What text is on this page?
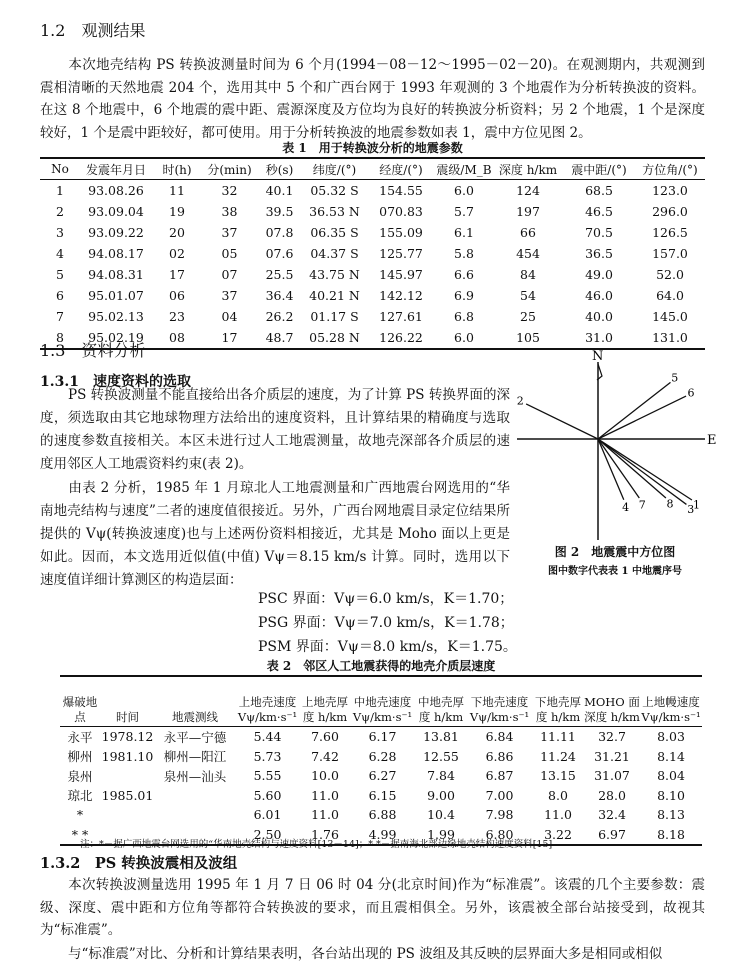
1.2　观测结果
本次地壳结构 PS 转换波测量时间为 6 个月(1994－08－12～1995－02－20)。在观测期内，共观测到震相清晰的天然地震 204 个，选用其中 5 个和广西台网于 1993 年观测的 3 个地震作为分析转换波的资料。在这 8 个地震中，6 个地震的震中距、震源深度及方位均为良好的转换波分析资料；另 2 个地震，1 个是深度较好，1 个是震中距较好，都可使用。用于分析转换波的地震参数如表 1，震中方位见图 2。
表 1　用于转换波分析的地震参数
No	发震年月日	时(h)	分(min)	秒(s)	纬度/(°)	经度/(°)	震级/M_B	深度 h/km	震中距/(°)	方位角/(°)
1	93.08.26	11	32	40.1	05.32 S	154.55	6.0	124	68.5	123.0
2	93.09.04	19	38	39.5	36.53 N	070.83	5.7	197	46.5	296.0
3	93.09.22	20	37	07.8	06.35 S	155.09	6.1	66	70.5	126.5
4	94.08.17	02	05	07.6	04.37 S	125.77	5.8	454	36.5	157.0
5	94.08.31	17	07	25.5	43.75 N	145.97	6.6	84	49.0	52.0
6	95.01.07	06	37	36.4	40.21 N	142.12	6.9	54	46.0	64.0
7	95.02.13	23	04	26.2	01.17 S	127.61	6.8	25	40.0	145.0
8	95.02.19	08	17	48.7	05.28 N	126.22	6.0	105	31.0	131.0
1.3　资料分析
1.3.1　速度资料的选取
PS 转换波测量不能直接给出各介质层的速度，为了计算 PS 转换界面的深度，须选取由其它地球物理方法给出的速度资料，且计算结果的精确度与选取的速度参数直接相关。本区未进行过人工地震测量，故地壳深部各介质层的速度用邻区人工地震资料约束(表 2)。
由表 2 分析，1985 年 1 月琼北人工地震测量和广西地震台网选用的“华南地壳结构与速度”二者的速度值很接近。另外，广西台网地震目录定位结果所提供的 Vψ(转换波速度)也与上述两份资料相接近，尤其是 Moho 面以上更是如此。因而，本文选用近似值(中值) Vψ＝8.15 km/s 计算。同时，选用以下速度值详细计算测区的构造层面：
PSC 界面：Vψ＝6.0 km/s，K＝1.70；
PSG 界面：Vψ＝7.0 km/s，K＝1.78；
PSM 界面：Vψ＝8.0 km/s，K＝1.75。
N
E
1
2
3
4
5
6
7 8
图 2　地震震中方位图
图中数字代表表 1 中地震序号
表 2　邻区人工地震获得的地壳介质层速度
爆破地点	时间	地震测线	上地壳速度 Vψ/km·s⁻¹	上地壳厚度 h/km	中地壳速度 Vψ/km·s⁻¹	中地壳厚度 h/km	下地壳速度 Vψ/km·s⁻¹	下地壳厚度 h/km	MOHO 面深度 h/km	上地幔速度 Vψ/km·s⁻¹
永平	1978.12	永平—宁德	5.44	7.60	6.17	13.81	6.84	11.11	32.7	8.03
柳州	1981.10	柳州—阳江	5.73	7.42	6.28	12.55	6.86	11.24	31.21	8.14
泉州		泉州—汕头	5.55	10.0	6.27	7.84	6.87	13.15	31.07	8.04
琼北	1985.01		5.60	11.0	6.15	9.00	7.00	8.0	28.0	8.10
*			6.01	11.0	6.88	10.4	7.98	11.0	32.4	8.13
* *			2.50	1.76	4.99	1.99	6.80	3.22	6.97	8.18
注：*－据广西地震台网选用的“华南地壳结构与速度资料[13－14]；* *－据南海北部边缘地壳结构速度资料[15]
1.3.2　PS 转换波震相及波组
本次转换波测量选用 1995 年 1 月 7 日 06 时 04 分(北京时间)作为“标准震”。该震的几个主要参数：震级、深度、震中距和方位角等都符合转换波的要求，而且震相俱全。另外，该震被全部台站接受到，故视其为“标准震”。
与“标准震”对比、分析和计算结果表明，各台站出现的 PS 波组及其反映的层界面大多是相同或相似
